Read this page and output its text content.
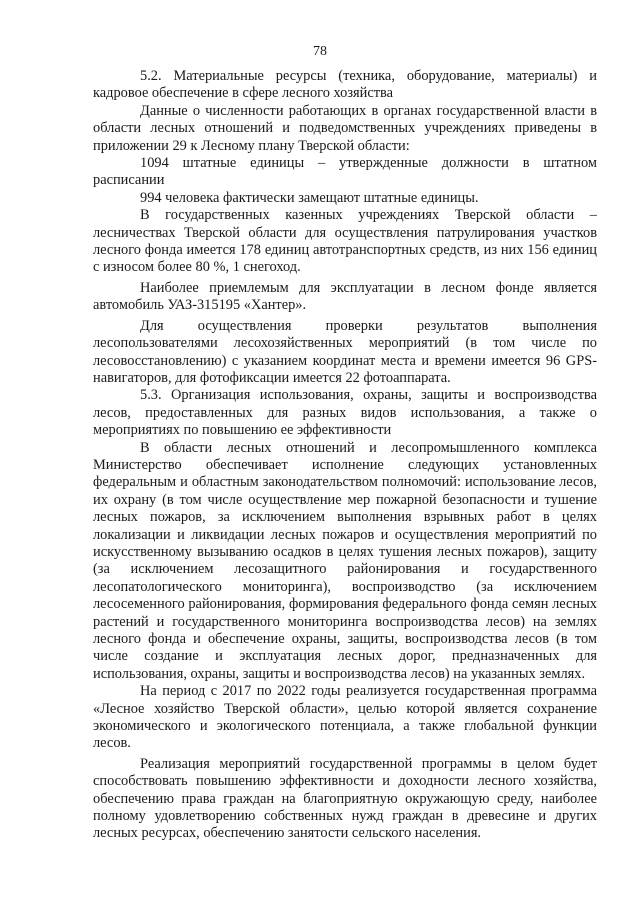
78

5.2. Материальные ресурсы (техника, оборудование, материалы) и кадровое обеспечение в сфере лесного хозяйства

Данные о численности работающих в органах государственной власти в области лесных отношений и подведомственных учреждениях приведены в приложении 29 к Лесному плану Тверской области:

1094 штатные единицы – утвержденные должности в штатном расписании

994 человека фактически замещают штатные единицы.

В государственных казенных учреждениях Тверской области – лесничествах Тверской области для осуществления патрулирования участков лесного фонда имеется 178 единиц автотранспортных средств, из них 156 единиц с износом более 80 %, 1 снегоход.

Наиболее приемлемым для эксплуатации в лесном фонде является автомобиль УАЗ-315195 «Хантер».

Для осуществления проверки результатов выполнения лесопользователями лесохозяйственных мероприятий (в том числе по лесовосстановлению) с указанием координат места и времени имеется 96 GPS-навигаторов, для фотофиксации имеется 22 фотоаппарата.

5.3. Организация использования, охраны, защиты и воспроизводства лесов, предоставленных для разных видов использования, а также о мероприятиях по повышению ее эффективности

В области лесных отношений и лесопромышленного комплекса Министерство обеспечивает исполнение следующих установленных федеральным и областным законодательством полномочий: использование лесов, их охрану (в том числе осуществление мер пожарной безопасности и тушение лесных пожаров, за исключением выполнения взрывных работ в целях локализации и ликвидации лесных пожаров и осуществления мероприятий по искусственному вызыванию осадков в целях тушения лесных пожаров), защиту (за исключением лесозащитного районирования и государственного лесопатологического мониторинга), воспроизводство (за исключением лесосеменного районирования, формирования федерального фонда семян лесных растений и государственного мониторинга воспроизводства лесов) на землях лесного фонда и обеспечение охраны, защиты, воспроизводства лесов (в том числе создание и эксплуатация лесных дорог, предназначенных для использования, охраны, защиты и воспроизводства лесов) на указанных землях.

На период с 2017 по 2022 годы реализуется государственная программа «Лесное хозяйство Тверской области», целью которой является сохранение экономического и экологического потенциала, а также глобальной функции лесов.

Реализация мероприятий государственной программы в целом будет способствовать повышению эффективности и доходности лесного хозяйства, обеспечению права граждан на благоприятную окружающую среду, наиболее полному удовлетворению собственных нужд граждан в древесине и других лесных ресурсах, обеспечению занятости сельского населения.
